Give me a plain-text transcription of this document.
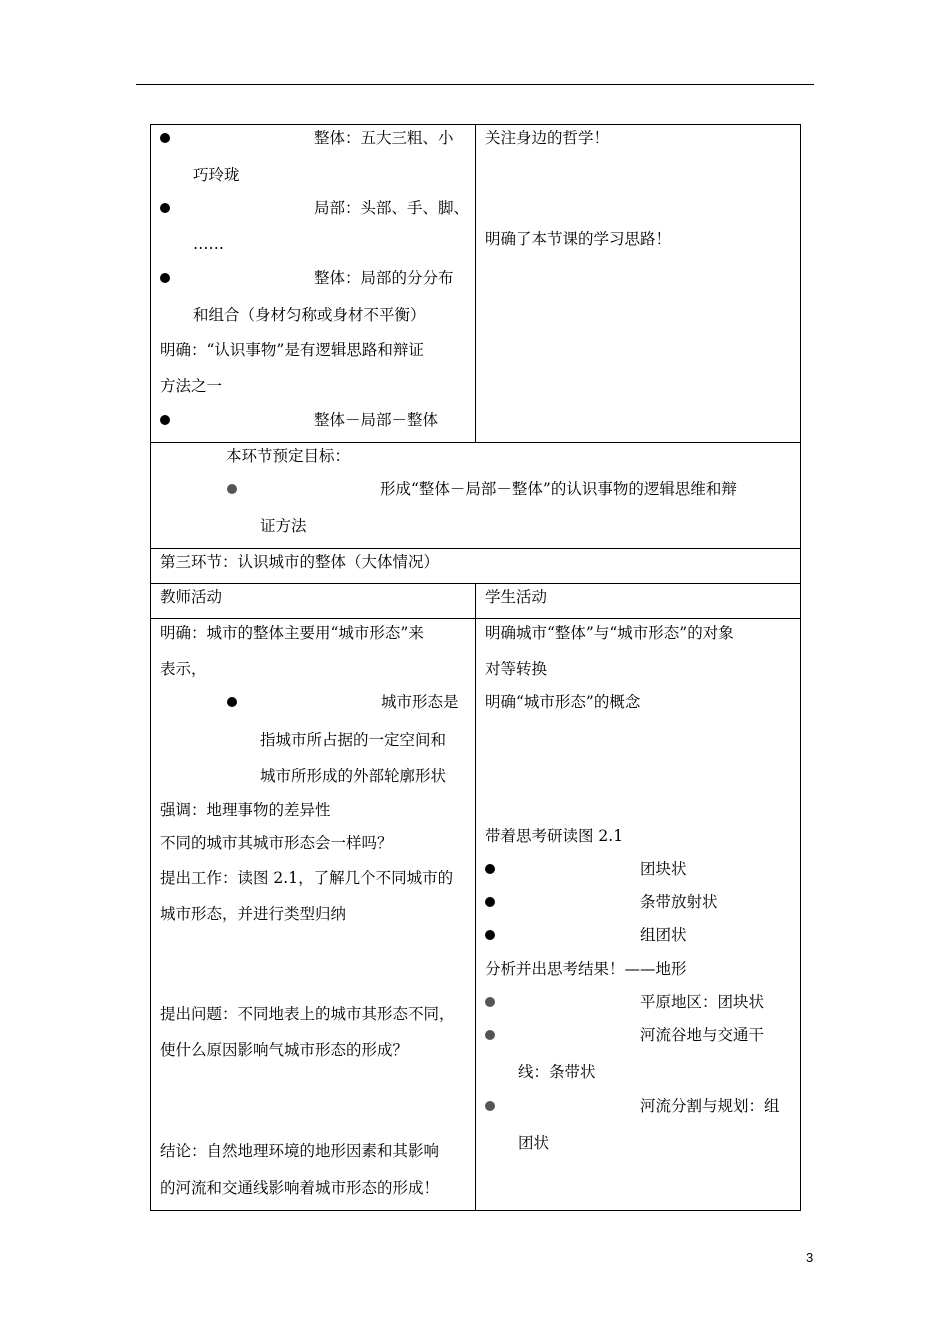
整体：五大三粗、小
巧玲珑
局部：头部、手、脚、
……
整体：局部的分分布
和组合（身材匀称或身材不平衡）
明确：“认识事物”是有逻辑思路和辩证
方法之一
整体－局部－整体
关注身边的哲学！
明确了本节课的学习思路！
本环节预定目标：
形成“整体－局部－整体”的认识事物的逻辑思维和辩
证方法
第三环节：认识城市的整体（大体情况）
教师活动	学生活动
明确：城市的整体主要用“城市形态”来
表示，
城市形态是
指城市所占据的一定空间和
城市所形成的外部轮廓形状
强调：地理事物的差异性
不同的城市其城市形态会一样吗？
提出工作：读图 2.1，了解几个不同城市的
城市形态，并进行类型归纳
提出问题：不同地表上的城市其形态不同，
使什么原因影响气城市形态的形成？
结论：自然地理环境的地形因素和其影响
的河流和交通线影响着城市形态的形成！
明确城市“整体”与“城市形态”的对象
对等转换
明确“城市形态”的概念
带着思考研读图 2.1
团块状
条带放射状
组团状
分析并出思考结果！——地形
平原地区：团块状
河流谷地与交通干
线：条带状
河流分割与规划：组
团状
3
